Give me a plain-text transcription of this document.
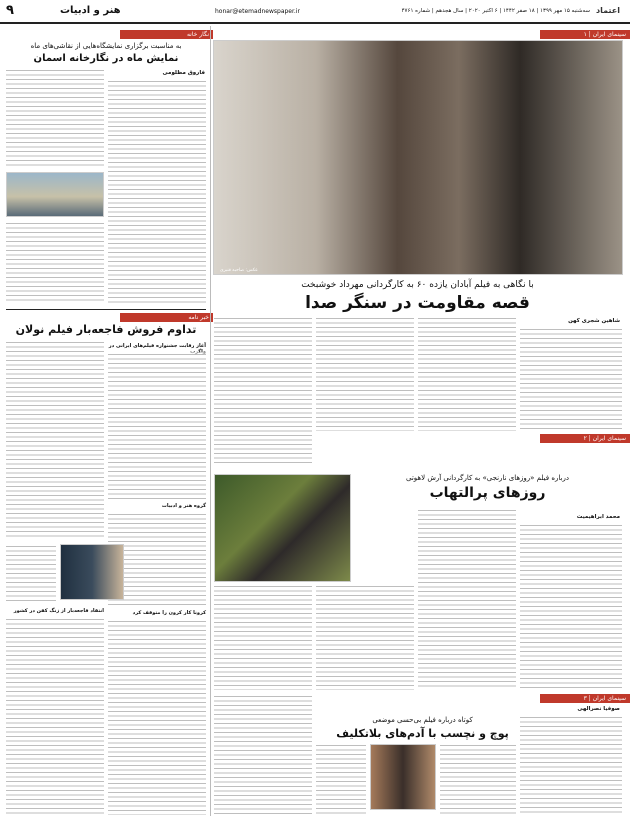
۹	هنر و ادبیات	honar@etemadnewspaper.ir	سه‌شنبه ۱۵ مهر ۱۳۹۹ | ۱۸ صفر ۱۴۴۲ | ۶ اکتبر ۲۰۲۰ | سال هجدهم | شماره ۴۷۶۱ اعتماد
سینمای ایران | ۱
عکس: صاحبه قنبری
با نگاهی به فیلم آبادان یازده ۶۰ به کارگردانی مهرداد خوشبخت
قصه مقاومت در سنگر صدا
شاهین شجری کهن
سینمای ایران | ۲
درباره فیلم «روزهای نارنجی» به کارگردانی آرش لاهوتی
روزهای پرالتهاب
محمد ابراهیمیت
سینمای ایران | ۳
صوفیا نصرالهی
کوتاه درباره فیلم بی‌حسی موضعی
پوچ و نچسب با آدم‌های بلاتکلیف
نگار خانه
به مناسبت برگزاری نمایشگاه‌هایی از نقاشی‌های ماه
نمایش ماه در نگارخانه اسمان
فاروق مظلومی
خبر نامه
تداوم فروش فاجعه‌بار فیلم نولان
آغاز رقابت جشنواره فیلم‌های ایرانی در
گروه هنر و ادبیات
کرونا کار کرون را متوقف کرد
انتقاد فاجعه‌بار از زنگ کفن در کشور
